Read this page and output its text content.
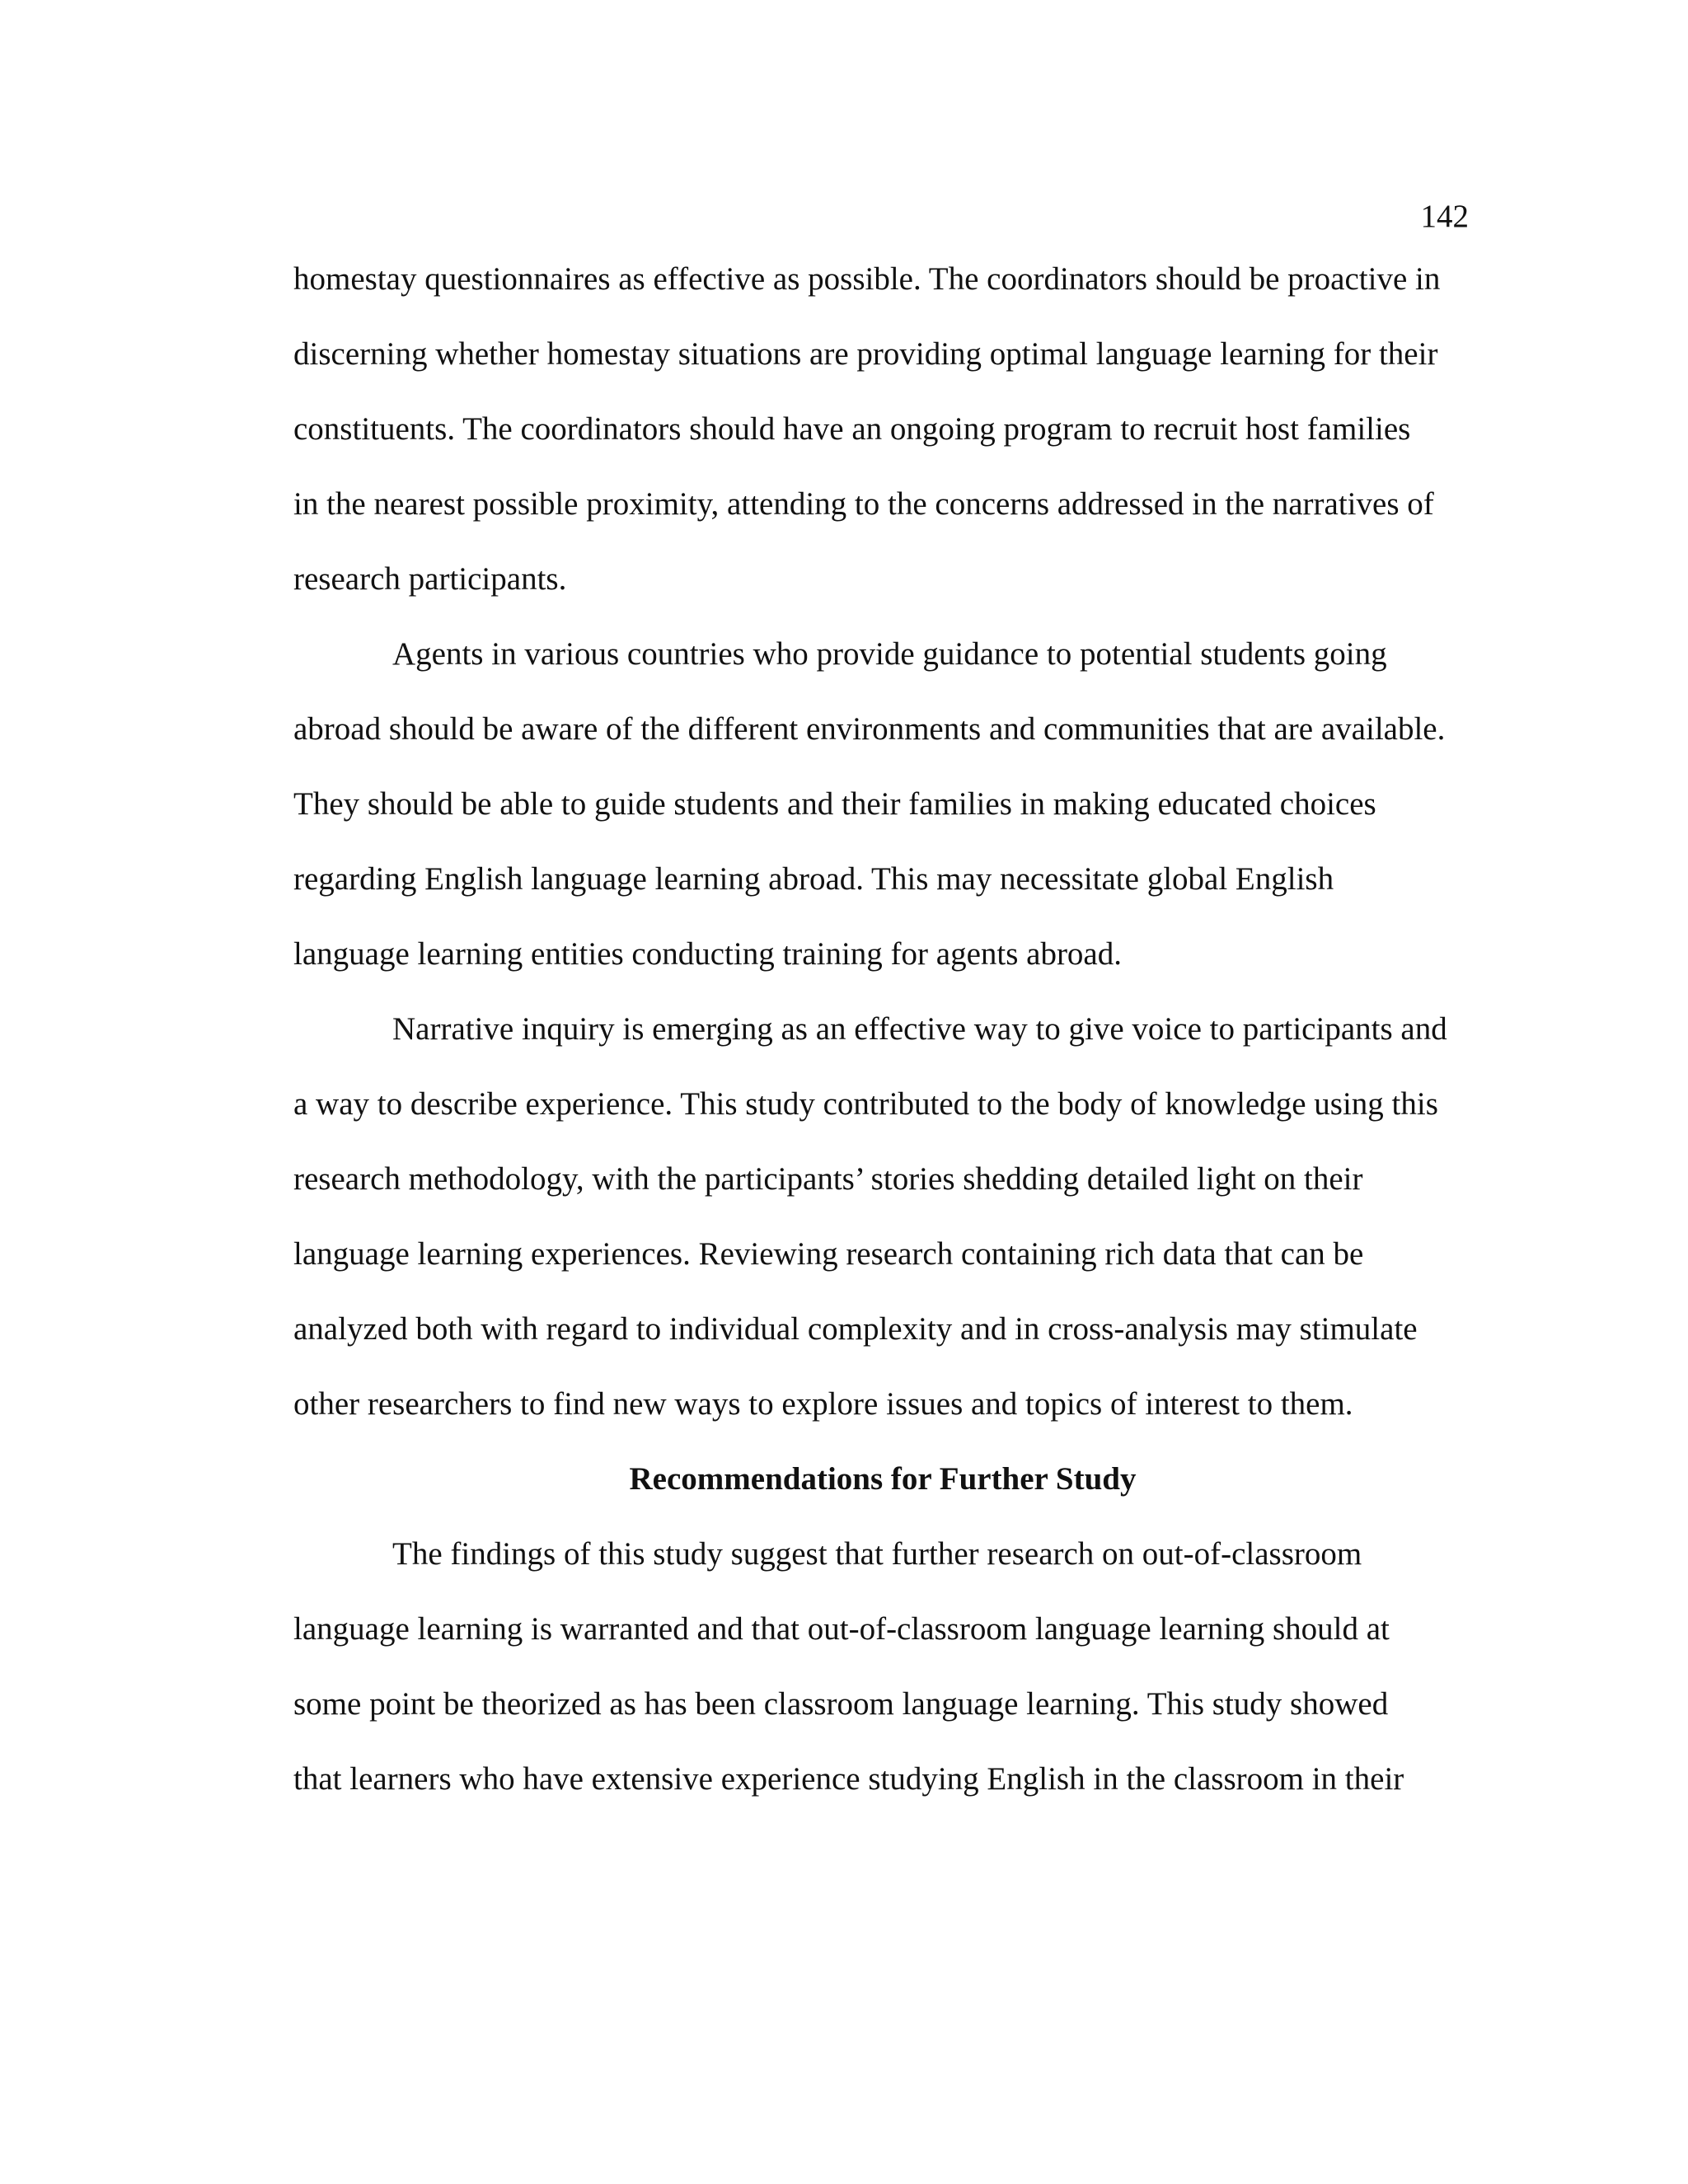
142
homestay questionnaires as effective as possible. The coordinators should be proactive in
discerning whether homestay situations are providing optimal language learning for their
constituents. The coordinators should have an ongoing program to recruit host families
in the nearest possible proximity, attending to the concerns addressed in the narratives of
research participants.
Agents in various countries who provide guidance to potential students going
abroad should be aware of the different environments and communities that are available.
They should be able to guide students and their families in making educated choices
regarding English language learning abroad. This may necessitate global English
language learning entities conducting training for agents abroad.
Narrative inquiry is emerging as an effective way to give voice to participants and
a way to describe experience. This study contributed to the body of knowledge using this
research methodology, with the participants’ stories shedding detailed light on their
language learning experiences. Reviewing research containing rich data that can be
analyzed both with regard to individual complexity and in cross-analysis may stimulate
other researchers to find new ways to explore issues and topics of interest to them.
Recommendations for Further Study
The findings of this study suggest that further research on out-of-classroom
language learning is warranted and that out-of-classroom language learning should at
some point be theorized as has been classroom language learning. This study showed
that learners who have extensive experience studying English in the classroom in their
